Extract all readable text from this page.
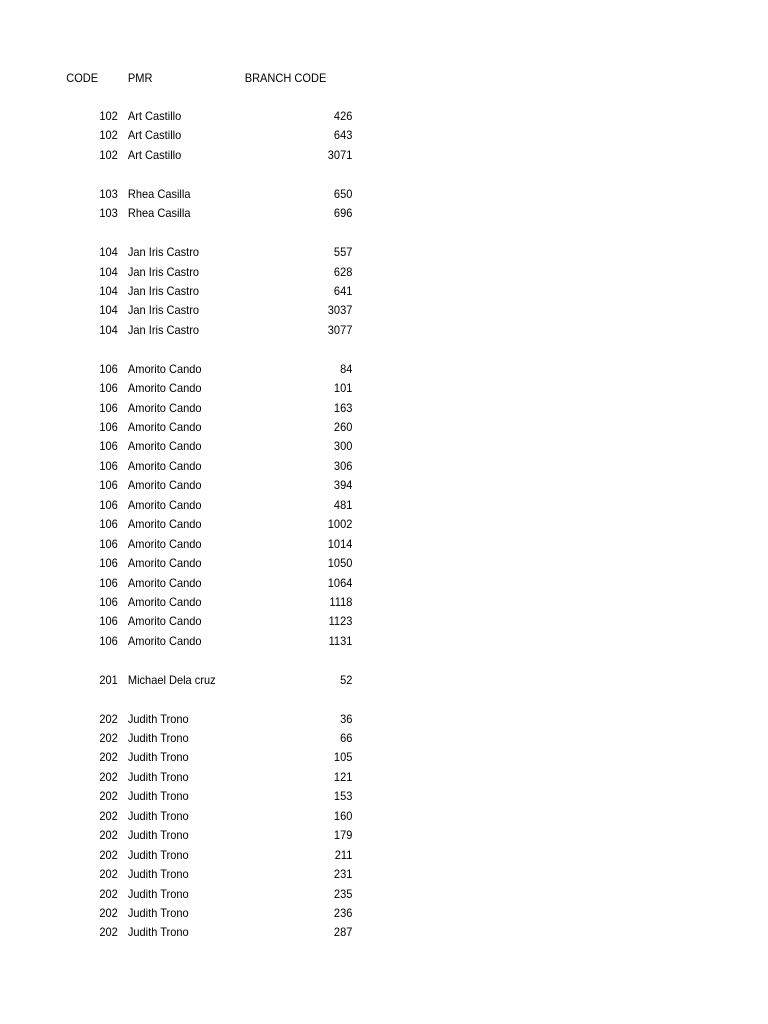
CODE PMR	BRANCH CODE
102 Art Castillo	426
102 Art Castillo	643
102 Art Castillo	3071
103 Rhea Casilla	650
103 Rhea Casilla	696
104 Jan Iris Castro	557
104 Jan Iris Castro	628
104 Jan Iris Castro	641
104 Jan Iris Castro	3037
104 Jan Iris Castro	3077
106 Amorito Cando	84
106 Amorito Cando	101
106 Amorito Cando	163
106 Amorito Cando	260
106 Amorito Cando	300
106 Amorito Cando	306
106 Amorito Cando	394
106 Amorito Cando	481
106 Amorito Cando	1002
106 Amorito Cando	1014
106 Amorito Cando	1050
106 Amorito Cando	1064
106 Amorito Cando	1118
106 Amorito Cando	1123
106 Amorito Cando	1131
201 Michael Dela cruz	52
202 Judith Trono	36
202 Judith Trono	66
202 Judith Trono	105
202 Judith Trono	121
202 Judith Trono	153
202 Judith Trono	160
202 Judith Trono	179
202 Judith Trono	211
202 Judith Trono	231
202 Judith Trono	235
202 Judith Trono	236
202 Judith Trono	287
